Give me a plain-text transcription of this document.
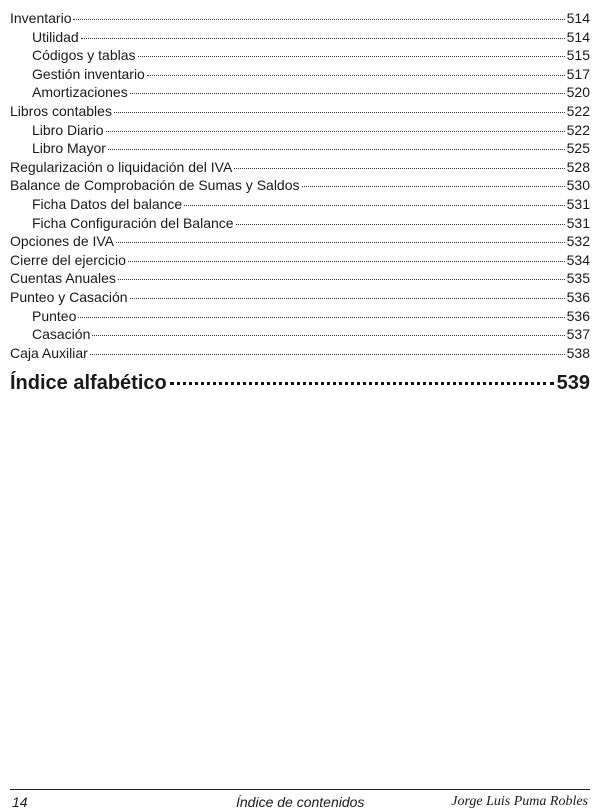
Inventario	514
Utilidad	514
Códigos y tablas	515
Gestión inventario	517
Amortizaciones	520
Libros contables	522
Libro Diario	522
Libro Mayor	525
Regularización o liquidación del IVA	528
Balance de Comprobación de Sumas y Saldos	530
Ficha Datos del balance	531
Ficha Configuración del Balance	531
Opciones de IVA	532
Cierre del ejercicio	534
Cuentas Anuales	535
Punteo y Casación	536
Punteo	536
Casación	537
Caja Auxiliar	538
Índice alfabético	539
14	Índice de contenidos	Jorge Luis Puma Robles
